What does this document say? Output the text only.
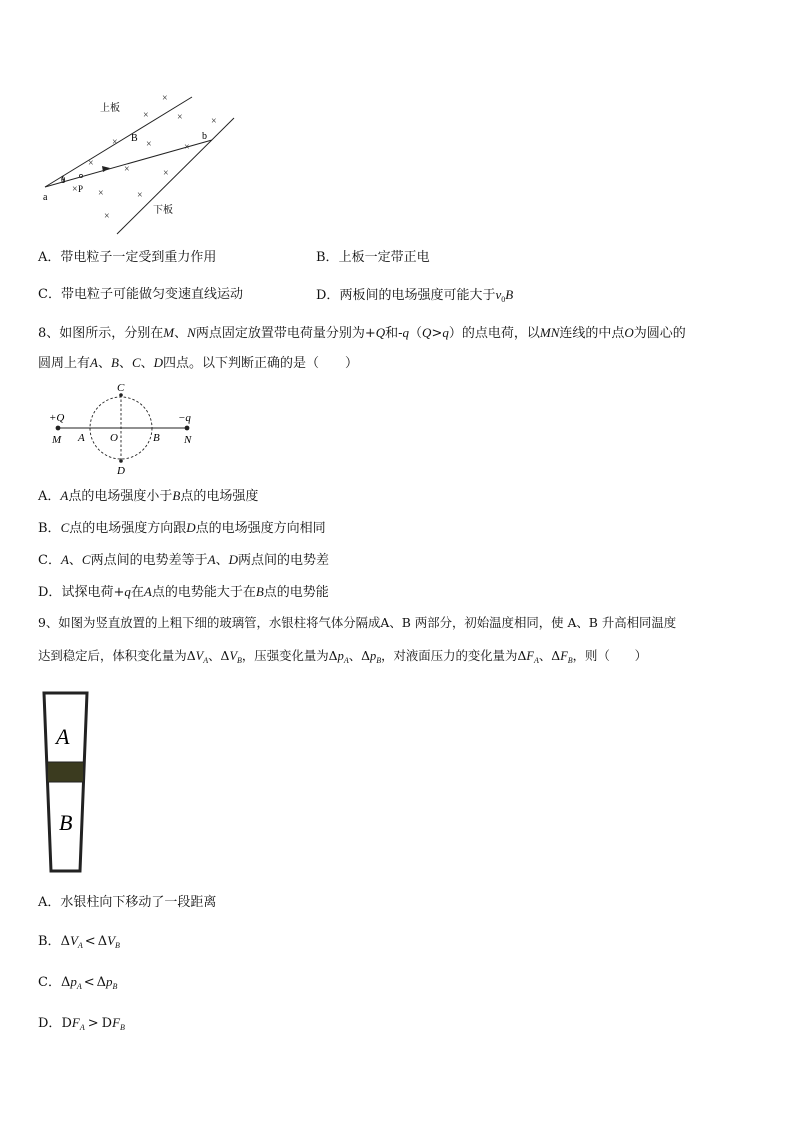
上板
下板
B
a
b
θ
P
×
×	×	×
×	×	×
×
×	×
× ×	×
×
A．带电粒子一定受到重力作用	B．上板一定带正电
C．带电粒子可能做匀变速直线运动	D．两板间的电场强度可能大于$v_0B$
8、如图所示，分别在M、N两点固定放置带电荷量分别为+Q和-q（Q>q）的点电荷，以MN连线的中点O为圆心的
圆周上有A、B、C、D四点。以下判断正确的是（　　）
+Q	−q
M	N
A O	B
C
D
A．A点的电场强度小于B点的电场强度
B．C点的电场强度方向跟D点的电场强度方向相同
C．A、C两点间的电势差等于A、D两点间的电势差
D．试探电荷+q在A点的电势能大于在B点的电势能
9、如图为竖直放置的上粗下细的玻璃管，水银柱将气体分隔成A、B 两部分，初始温度相同，使 A、B 升高相同温度
达到稳定后，体积变化量为$\Delta V_A$、$\Delta V_B$，压强变化量为$\Delta p_A$、$\Delta p_B$，对液面压力的变化量为$\Delta F_A$、$\Delta F_B$，则（　　）
A
B
A．水银柱向下移动了一段距离
B．$\Delta V_A < \Delta V_B$
C．$\Delta p_A < \Delta p_B$
D．$DF_A > DF_B$
